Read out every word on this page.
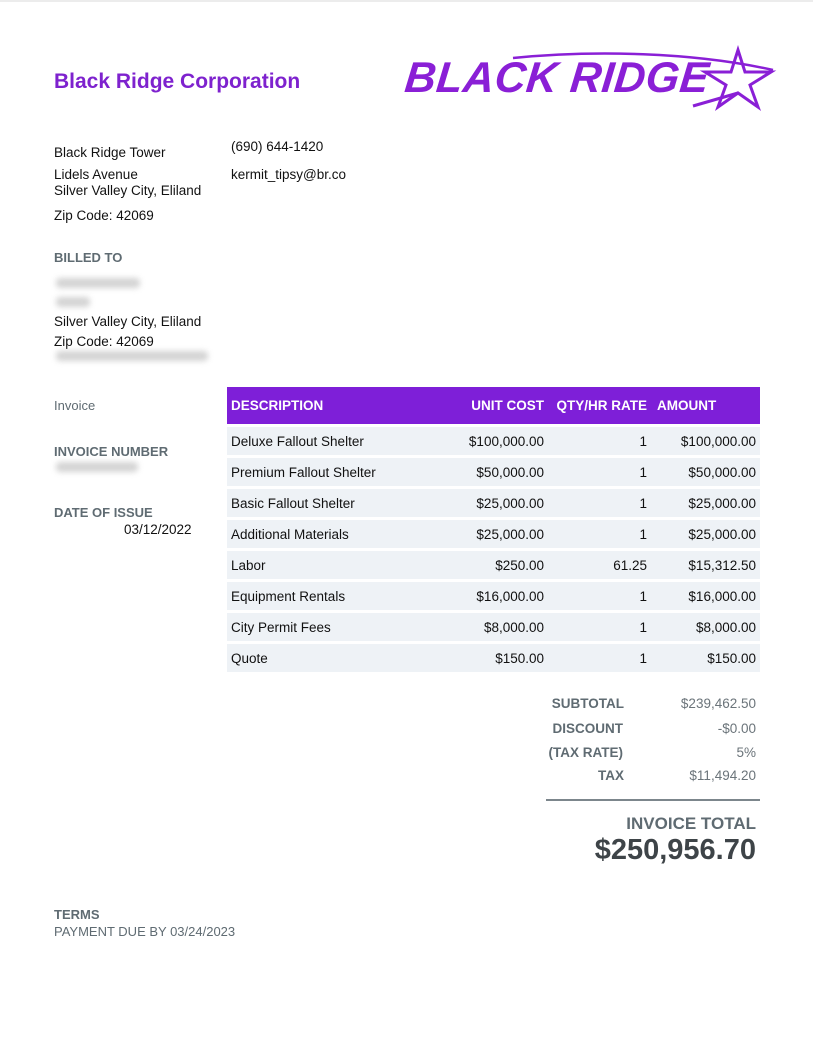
Black Ridge Corporation BLACK RIDGE
Black Ridge Tower
Lidels Avenue
Silver Valley City, Eliland
Zip Code: 42069
(690) 644-1420
kermit_tipsy@br.co
BILLED TO
Silver Valley City, Eliland
Zip Code: 42069
Invoice
INVOICE NUMBER
DATE OF ISSUE
03/12/2022
DESCRIPTION	UNIT COST	QTY/HR RATE	AMOUNT
Deluxe Fallout Shelter	$100,000.00	1	$100,000.00
Premium Fallout Shelter	$50,000.00	1	$50,000.00
Basic Fallout Shelter	$25,000.00	1	$25,000.00
Additional Materials	$25,000.00	1	$25,000.00
Labor	$250.00	61.25	$15,312.50
Equipment Rentals	$16,000.00	1	$16,000.00
City Permit Fees	$8,000.00	1	$8,000.00
Quote	$150.00	1	$150.00
SUBTOTAL	$239,462.50
DISCOUNT	-$0.00
(TAX RATE)	5%
TAX	$11,494.20
INVOICE TOTAL
$250,956.70
TERMS
PAYMENT DUE BY 03/24/2023
